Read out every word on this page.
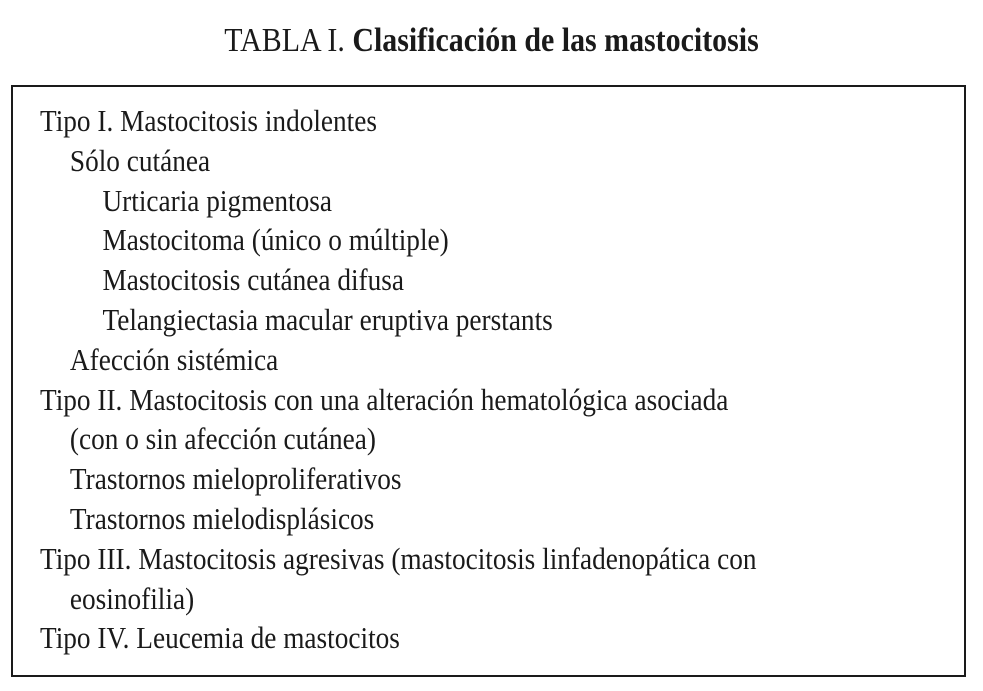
TABLA I. Clasificación de las mastocitosis
Tipo I. Mastocitosis indolentes
Sólo cutánea
Urticaria pigmentosa
Mastocitoma (único o múltiple)
Mastocitosis cutánea difusa
Telangiectasia macular eruptiva perstants
Afección sistémica
Tipo II. Mastocitosis con una alteración hematológica asociada
(con o sin afección cutánea)
Trastornos mieloproliferativos
Trastornos mielodisplásicos
Tipo III. Mastocitosis agresivas (mastocitosis linfadenopática con
eosinofilia)
Tipo IV. Leucemia de mastocitos
